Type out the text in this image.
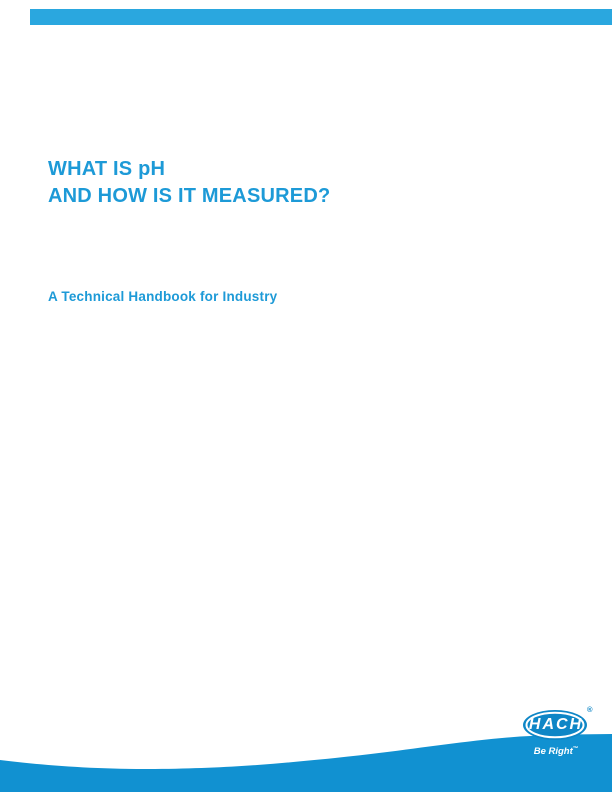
WHAT IS pH
AND HOW IS IT MEASURED?
A Technical Handbook for Industry
HACH
®
Be Right™
